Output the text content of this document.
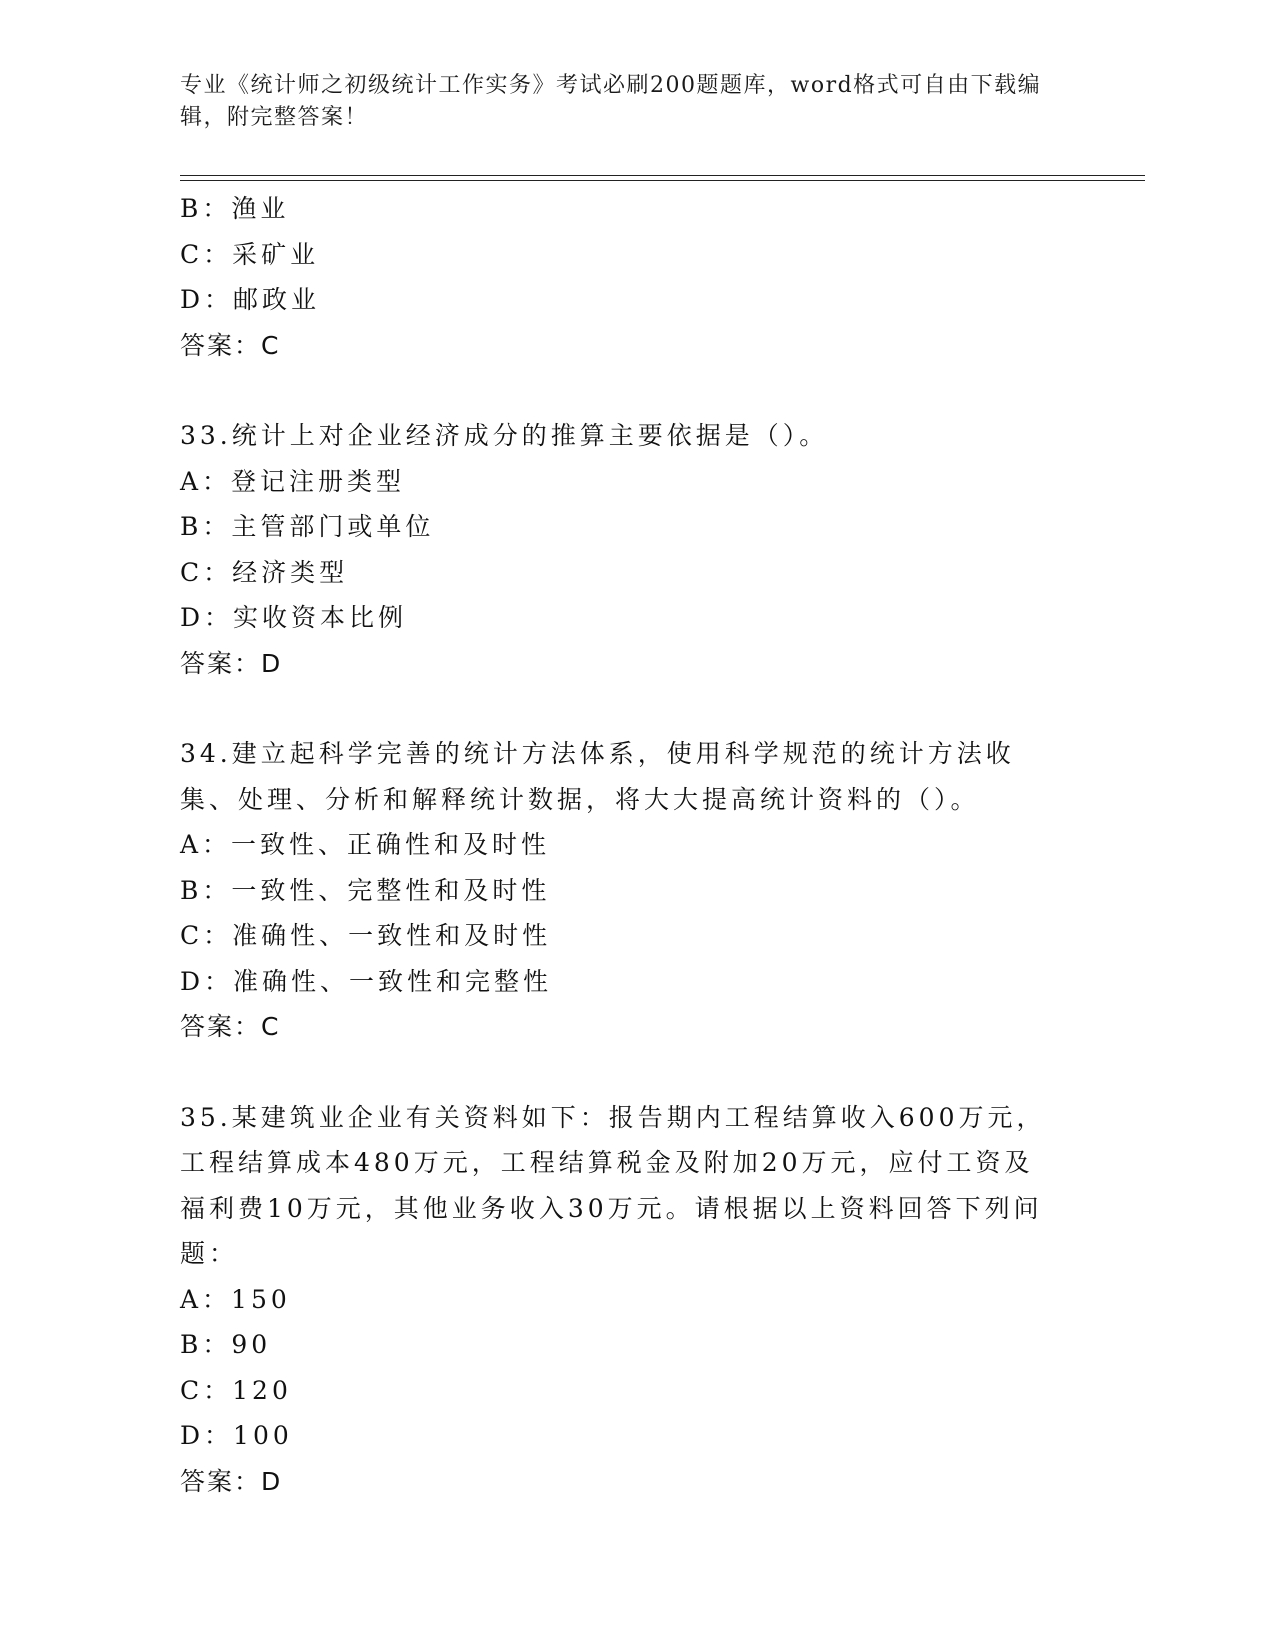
专业《统计师之初级统计工作实务》考试必刷200题题库，word格式可自由下载编辑，附完整答案！
B：渔业
C：采矿业
D：邮政业
答案：C
33.统计上对企业经济成分的推算主要依据是（）。
A：登记注册类型
B：主管部门或单位
C：经济类型
D：实收资本比例
答案：D
34.建立起科学完善的统计方法体系，使用科学规范的统计方法收集、处理、分析和解释统计数据，将大大提高统计资料的（）。
A：一致性、正确性和及时性
B：一致性、完整性和及时性
C：准确性、一致性和及时性
D：准确性、一致性和完整性
答案：C
35.某建筑业企业有关资料如下：报告期内工程结算收入600万元，工程结算成本480万元，工程结算税金及附加20万元，应付工资及福利费10万元，其他业务收入30万元。请根据以上资料回答下列问题：
A：150
B：90
C：120
D：100
答案：D
